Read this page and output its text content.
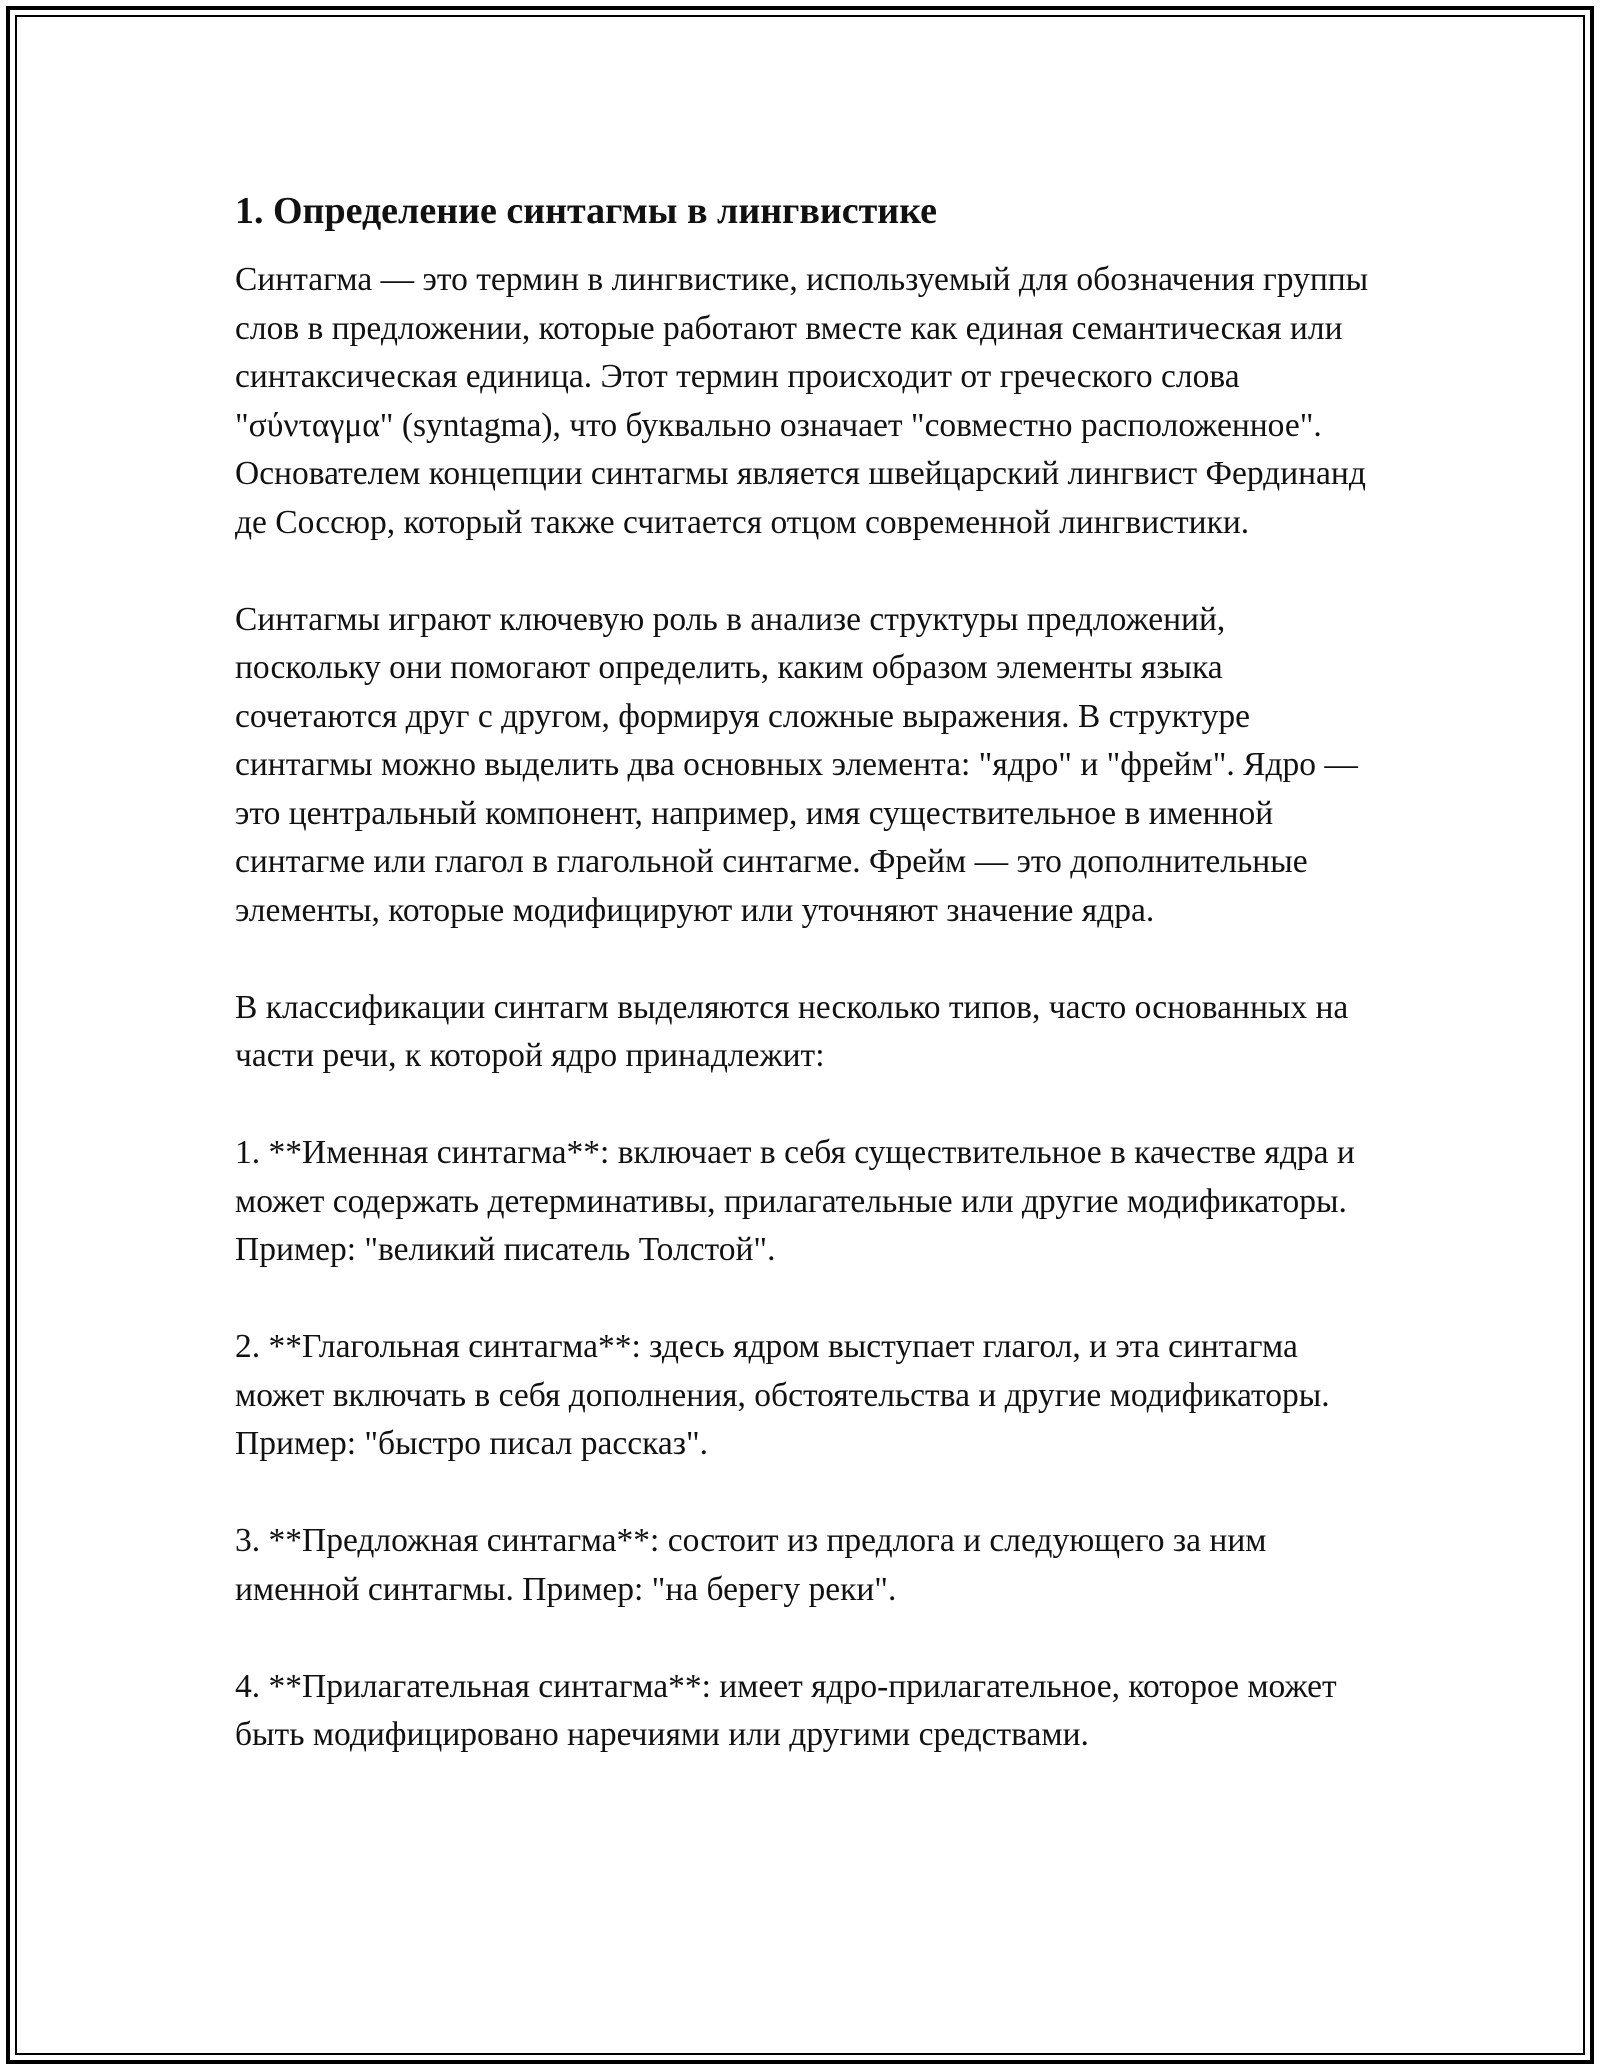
1. Определение синтагмы в лингвистике

Синтагма — это термин в лингвистике, используемый для обозначения группы слов в предложении, которые работают вместе как единая семантическая или синтаксическая единица. Этот термин происходит от греческого слова "σύνταγμα" (syntagma), что буквально означает "совместно расположенное". Основателем концепции синтагмы является швейцарский лингвист Фердинанд де Соссюр, который также считается отцом современной лингвистики.

Синтагмы играют ключевую роль в анализе структуры предложений, поскольку они помогают определить, каким образом элементы языка сочетаются друг с другом, формируя сложные выражения. В структуре синтагмы можно выделить два основных элемента: "ядро" и "фрейм". Ядро — это центральный компонент, например, имя существительное в именной синтагме или глагол в глагольной синтагме. Фрейм — это дополнительные элементы, которые модифицируют или уточняют значение ядра.

В классификации синтагм выделяются несколько типов, часто основанных на части речи, к которой ядро принадлежит:

1. **Именная синтагма**: включает в себя существительное в качестве ядра и может содержать детерминативы, прилагательные или другие модификаторы. Пример: "великий писатель Толстой".

2. **Глагольная синтагма**: здесь ядром выступает глагол, и эта синтагма может включать в себя дополнения, обстоятельства и другие модификаторы. Пример: "быстро писал рассказ".

3. **Предложная синтагма**: состоит из предлога и следующего за ним именной синтагмы. Пример: "на берегу реки".

4. **Прилагательная синтагма**: имеет ядро-прилагательное, которое может быть модифицировано наречиями или другими средствами.
